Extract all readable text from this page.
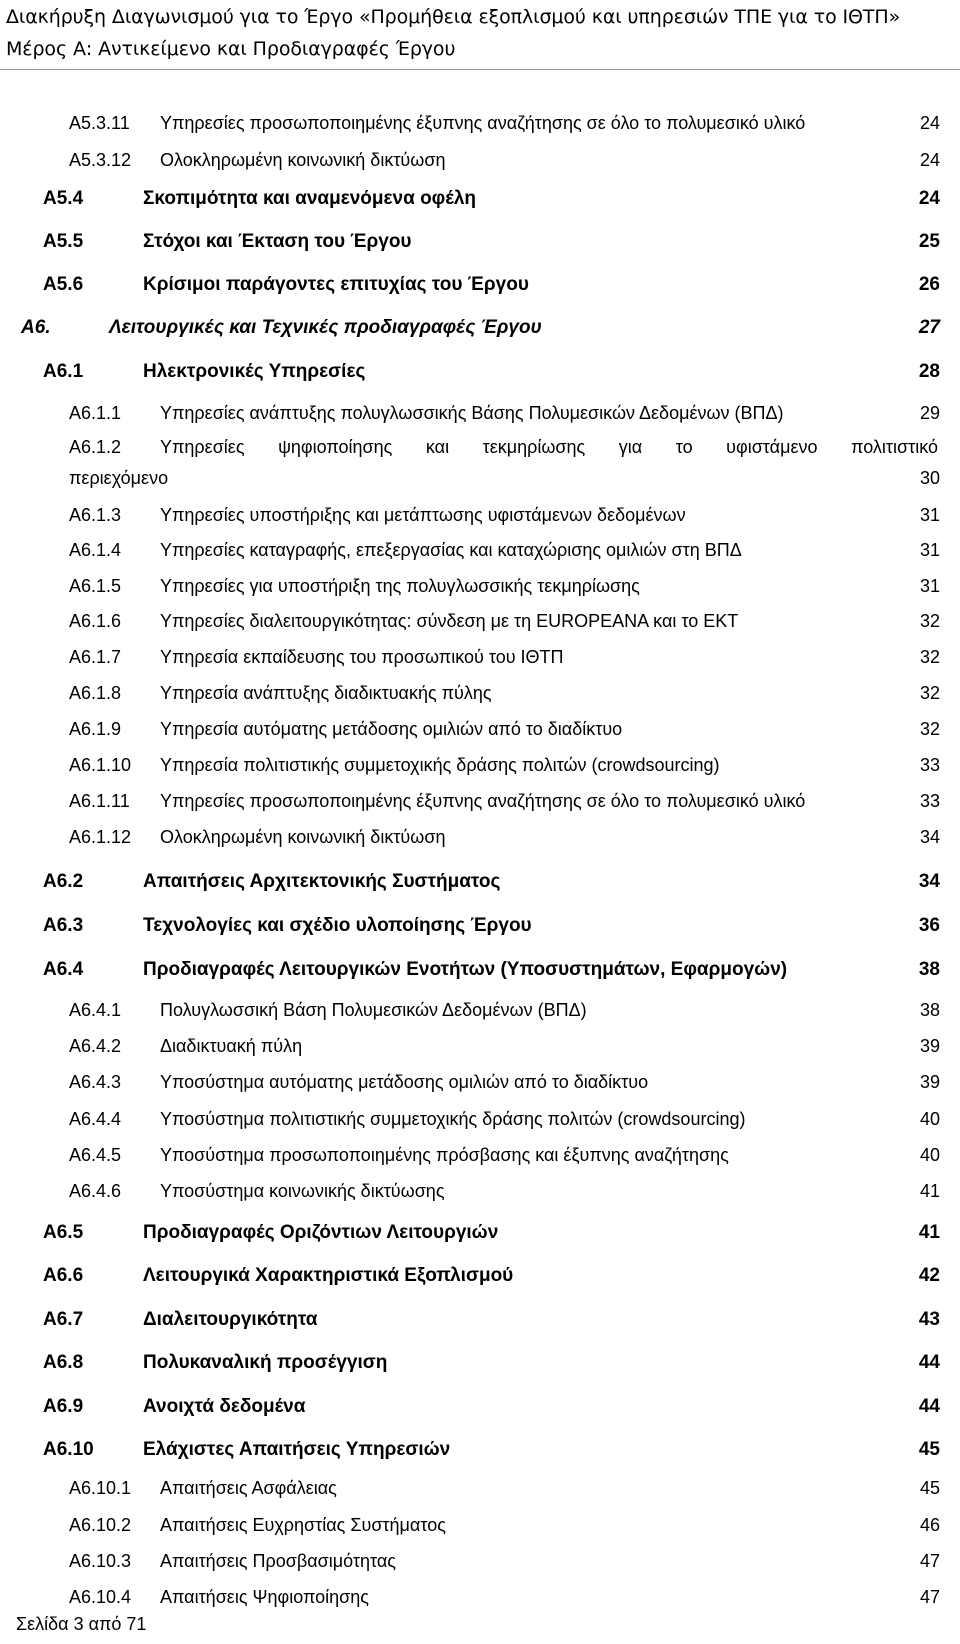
Διακήρυξη Διαγωνισμού για το Έργο «Προμήθεια εξοπλισμού και υπηρεσιών ΤΠΕ για το ΙΘΤΠ»
Μέρος Α: Αντικείμενο και Προδιαγραφές Έργου
Α5.3.11 Υπηρεσίες προσωποποιημένης έξυπνης αναζήτησης σε όλο το πολυμεσικό υλικό	24
Α5.3.12 Ολοκληρωμένη κοινωνική δικτύωση	24
Α5.4	Σκοπιμότητα και αναμενόμενα οφέλη	24
Α5.5	Στόχοι και Έκταση του Έργου	25
Α5.6	Κρίσιμοι παράγοντες επιτυχίας του Έργου	26
Α6.	Λειτουργικές και Τεχνικές προδιαγραφές Έργου	27
Α6.1	Ηλεκτρονικές Υπηρεσίες	28
Α6.1.1 Υπηρεσίες ανάπτυξης πολυγλωσσικής Βάσης Πολυμεσικών Δεδομένων (ΒΠΔ)	29
Α6.1.2 Υπηρεσίες ψηφιοποίησης και τεκμηρίωσης για το υφιστάμενο πολιτιστικό
περιεχόμενο	30
Α6.1.3 Υπηρεσίες υποστήριξης και μετάπτωσης υφιστάμενων δεδομένων	31
Α6.1.4 Υπηρεσίες καταγραφής, επεξεργασίας και καταχώρισης ομιλιών στη ΒΠΔ	31
Α6.1.5 Υπηρεσίες για υποστήριξη της πολυγλωσσικής τεκμηρίωσης	31
Α6.1.6 Υπηρεσίες διαλειτουργικότητας: σύνδεση με τη EUROPEANA και το ΕΚΤ	32
Α6.1.7 Υπηρεσία εκπαίδευσης του προσωπικού του ΙΘΤΠ	32
Α6.1.8 Υπηρεσία ανάπτυξης διαδικτυακής πύλης	32
Α6.1.9 Υπηρεσία αυτόματης μετάδοσης ομιλιών από το διαδίκτυο	32
Α6.1.10 Υπηρεσία πολιτιστικής συμμετοχικής δράσης πολιτών (crowdsourcing)	33
Α6.1.11 Υπηρεσίες προσωποποιημένης έξυπνης αναζήτησης σε όλο το πολυμεσικό υλικό	33
Α6.1.12 Ολοκληρωμένη κοινωνική δικτύωση	34
Α6.2	Απαιτήσεις Αρχιτεκτονικής Συστήματος	34
Α6.3	Τεχνολογίες και σχέδιο υλοποίησης Έργου	36
Α6.4	Προδιαγραφές Λειτουργικών Ενοτήτων (Υποσυστημάτων, Εφαρμογών)	38
Α6.4.1 Πολυγλωσσική Βάση Πολυμεσικών Δεδομένων (ΒΠΔ)	38
Α6.4.2 Διαδικτυακή πύλη	39
Α6.4.3 Υποσύστημα αυτόματης μετάδοσης ομιλιών από το διαδίκτυο	39
Α6.4.4 Υποσύστημα πολιτιστικής συμμετοχικής δράσης πολιτών (crowdsourcing)	40
Α6.4.5 Υποσύστημα προσωποποιημένης πρόσβασης και έξυπνης αναζήτησης	40
Α6.4.6 Υποσύστημα κοινωνικής δικτύωσης	41
Α6.5	Προδιαγραφές Οριζόντιων Λειτουργιών	41
Α6.6	Λειτουργικά Χαρακτηριστικά Εξοπλισμού	42
Α6.7	Διαλειτουργικότητα	43
Α6.8	Πολυκαναλική προσέγγιση	44
Α6.9	Ανοιχτά δεδομένα	44
Α6.10	Ελάχιστες Απαιτήσεις Υπηρεσιών	45
Α6.10.1 Απαιτήσεις Ασφάλειας	45
Α6.10.2 Απαιτήσεις Ευχρηστίας Συστήματος	46
Α6.10.3 Απαιτήσεις Προσβασιμότητας	47
Α6.10.4 Απαιτήσεις Ψηφιοποίησης	47
Σελίδα 3 από 71
